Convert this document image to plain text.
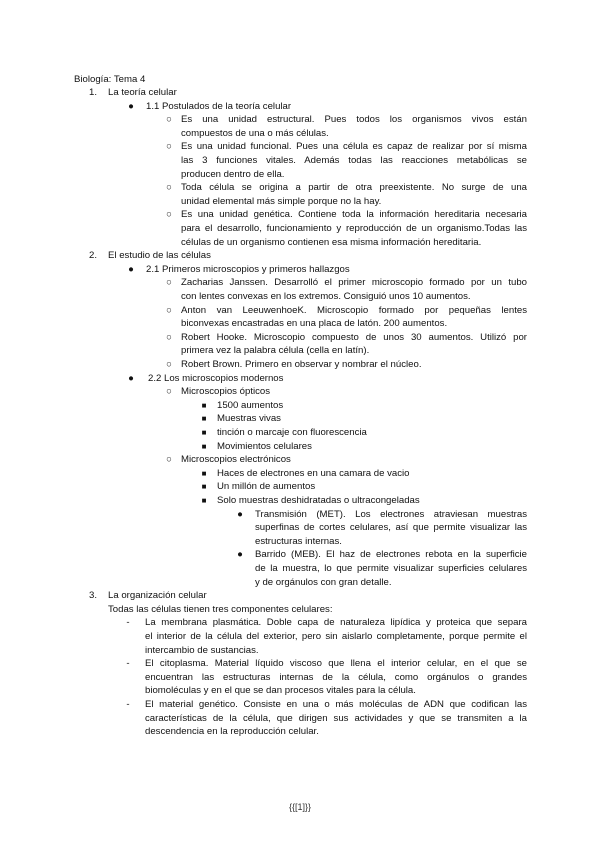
Biología: Tema 4
1.	La teoría celular
●	1.1 Postulados de la teoría celular
○ Es una unidad estructural. Pues todos los organismos vivos están
compuestos de una o más células.
○ Es una unidad funcional. Pues una célula es capaz de realizar por sí misma
las 3 funciones vitales. Además todas las reacciones metabólicas se
producen dentro de ella.
○ Toda célula se origina a partir de otra preexistente. No surge de una
unidad elemental más simple porque no la hay.
○ Es una unidad genética. Contiene toda la información hereditaria necesaria
para el desarrollo, funcionamiento y reproducción de un organismo.Todas las
células de un organismo contienen esa misma información hereditaria.
2.	El estudio de las células
●	2.1 Primeros microscopios y primeros hallazgos
○ Zacharias Janssen. Desarrolló el primer microscopio formado por un tubo
con lentes convexas en los extremos. Consiguió unos 10 aumentos.
○ Anton van LeeuwenhoeK. Microscopio formado por pequeñas lentes
biconvexas encastradas en una placa de latón. 200 aumentos.
○ Robert Hooke. Microscopio compuesto de unos 30 aumentos. Utilizó por
primera vez la palabra célula (cella en latín).
○ Robert Brown. Primero en observar y nombrar el núcleo.
●	2.2 Los microscopios modernos
○ Microscopios ópticos
■	1500 aumentos
■	Muestras vivas
■	tinción o marcaje con fluorescencia
■	Movimientos celulares
○ Microscopios electrónicos
■	Haces de electrones en una camara de vacio
■	Un millón de aumentos
■	Solo muestras deshidratadas o ultracongeladas
●	Transmisión (MET). Los electrones atraviesan muestras
superfinas de cortes celulares, así que permite visualizar las
estructuras internas.
●	Barrido (MEB). El haz de electrones rebota en la superficie
de la muestra, lo que permite visualizar superficies celulares
y de orgánulos con gran detalle.
3.	La organización celular
Todas las células tienen tres componentes celulares:
-	La membrana plasmática. Doble capa de naturaleza lipídica y proteica que separa
el interior de la célula del exterior, pero sin aislarlo completamente, porque permite el
intercambio de sustancias.
-	El citoplasma. Material líquido viscoso que llena el interior celular, en el que se
encuentran las estructuras internas de la célula, como orgánulos o grandes
biomoléculas y en el que se dan procesos vitales para la célula.
-	El material genético. Consiste en una o más moléculas de ADN que codifican las
características de la célula, que dirigen sus actividades y que se transmiten a la
descendencia en la reproducción celular.
{{[1]}}
